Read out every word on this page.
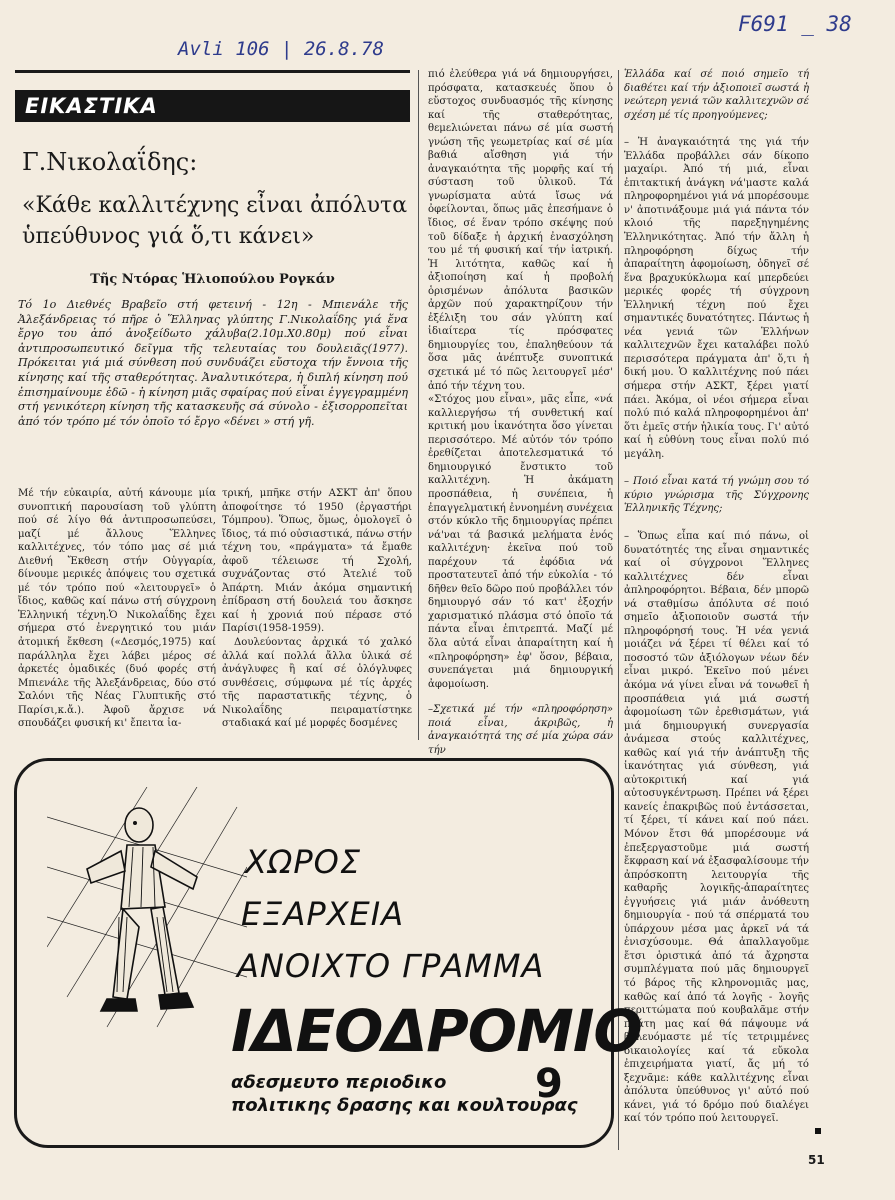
Avli 106 | 26.8.78
F691 _ 38
ΕΙΚΑΣΤΙΚΑ
Γ.Νικολαΐδης:
«Κάθε καλλιτέχνης εἶναι ἀπόλυτα ὑπεύθυνος γιά ὅ,τι κάνει»
Τῆς Ντόρας Ἡλιοπούλου Ρογκάν
Τό 1ο Διεθνές Βραβεῖο στή φετεινή - 12η - Μπιενάλε τῆς Ἀλεξάνδρειας τό πῆρε ὁ Ἕλληνας γλύπτης Γ.Νικολαΐδης γιά ἕνα ἔργο του ἀπό ἀνοξείδωτο χάλυβα(2.10μ.Χ0.80μ) πού εἶναι ἀντιπροσωπευτικό δεῖγμα τῆς τελευταίας του δουλειᾶς(1977). Πρόκειται γιά μιά σύνθεση πού συνδυάζει εὔστοχα τήν ἔννοια τῆς κίνησης καί τῆς σταθερότητας. Ἀναλυτικότερα, ἡ διπλή κίνηση πού ἐπισημαίνουμε ἐδῶ - ἡ κίνηση μιᾶς σφαίρας πού εἶναι ἐγγεγραμμένη στή γενικότερη κίνηση τῆς κατασκευῆς σά σύνολο - ἐξισορροπεῖται ἀπό τόν τρόπο μέ τόν ὁποῖο τό ἔργο «δένει » στή γῆ.

Μέ τήν εὐκαιρία, αὐτή κάνουμε μία συνοπτική παρουσίαση τοῦ γλύπτη πού σέ λίγο θά ἀντιπροσωπεύσει, μαζί μέ ἄλλους Ἕλληνες καλλιτέχνες, τόν τόπο μας σέ μιά Διεθνή Ἔκθεση στήν Οὑγγαρία, δίνουμε μερικές ἀπόψεις του σχετικά μέ τόν τρόπο πού «λειτουργεῖ» ὁ ἴδιος, καθῶς καί πάνω στή σύγχρονη Ἑλληνική τέχνη.Ὁ Νικολαΐδης ἔχει σήμερα στό ἐνεργητικό του μιάν ἀτομική ἔκθεση («Δεσμός,1975) καί παράλληλα ἔχει λάβει μέρος σέ ἀρκετές ὁμαδικές (δυό φορές στή Μπιενάλε τῆς Ἀλεξάνδρειας, δύο στό Σαλόνι τῆς Νέας Γλυπτικῆς στό Παρίσι,κ.ἄ.). Ἀφοῦ ἄρχισε νά σπουδάζει φυσική κι' ἔπειτα ἰα-

τρική, μπῆκε στήν ΑΣΚΤ ἀπ' ὅπου ἀποφοίτησε τό 1950 (ἐργαστήρι Τόμπρου). Ὅπως, ὅμως, ὁμολογεῖ ὁ ἴδιος, τά πιό οὐσιαστικά, πάνω στήν τέχνη του, «πράγματα» τά ἔμαθε ἀφοῦ τέλειωσε τή Σχολή, συχνάζοντας στό Ἀτελιέ τοῦ Ἀπάρτη. Μιάν ἀκόμα σημαντική ἐπίδραση στή δουλειά του ἄσκησε καί ἡ χρονιά πού πέρασε στό Παρίσι(1958-1959).

Δουλεύοντας ἀρχικά τό χαλκό ἀλλά καί πολλά ἄλλα ὑλικά σέ ἀνάγλυφες ἢ καί σέ ὁλόγλυφες συνθέσεις, σύμφωνα μέ τίς ἀρχές τῆς παραστατικῆς τέχνης, ὁ Νικολαΐδης πειραματίστηκε σταδιακά καί μέ μορφές δοσμένες

πιό ἐλεύθερα γιά νά δημιουργήσει, πρόσφατα, κατασκευές ὅπου ὁ εὔστοχος συνδυασμός τῆς κίνησης καί τῆς σταθερότητας, θεμελιώνεται πάνω σέ μία σωστή γνώση τῆς γεωμετρίας καί σέ μία βαθιά αἴσθηση γιά τήν ἀναγκαιότητα τῆς μορφῆς καί τή σύσταση τοῦ ὑλικοῦ. Τά γνωρίσματα αὐτά ἴσως νά ὀφείλονται, ὅπως μᾶς ἐπεσήμανε ὁ ἴδιος, σέ ἕναν τρόπο σκέψης πού τοῦ δίδαξε ἡ ἀρχική ἐνασχόληση του μέ τή φυσική καί τήν ἰατρική. Ἡ λιτότητα, καθῶς καί ἡ ἀξιοποίηση καί ἡ προβολή ὁρισμένων ἀπόλυτα βασικῶν ἀρχῶν πού χαρακτηρίζουν τήν ἐξέλιξη του σάν γλύπτη καί ἰδιαίτερα τίς πρόσφατες δημιουργίες του, ἐπαληθεύουν τά ὅσα μᾶς ἀνέπτυξε συνοπτικά σχετικά μέ τό πῶς λειτουργεῖ μέσ' ἀπό τήν τέχνη του.

«Στόχος μου εἶναι», μᾶς εἶπε, «νά καλλιεργήσω τή συνθετική καί κριτική μου ἱκανότητα ὅσο γίνεται περισσότερο. Μέ αὐτόν τόν τρόπο ἐρεθίζεται ἀποτελεσματικά τό δημιουργικό ἔνστικτο τοῦ καλλιτέχνη. Ἡ ἀκάματη προσπάθεια, ἡ συνέπεια, ἡ ἐπαγγελματική ἐννοημένη συνέχεια στόν κύκλο τῆς δημιουργίας πρέπει νά'ναι τά βασικά μελήματα ἑνός καλλιτέχνη· ἐκεῖνα πού τοῦ παρέχουν τά ἐφόδια νά προστατευτεῖ ἀπό τήν εὐκολία - τό δῆθεν θεῖο δῶρο πού προβάλλει τόν δημιουργό σάν τό κατ' ἐξοχήν χαρισματικό πλάσμα στό ὁποῖο τά πάντα εἶναι ἐπιτρεπτά. Μαζί μέ ὅλα αὐτά εἶναι ἀπαραίτητη καί ἡ «πληροφόρηση» ἐφ' ὅσον, βέβαια, συνεπάγεται μιά δημιουργική ἀφομοίωση.

–Σχετικά μέ τήν «πληροφόρηση» ποιά εἶναι, ἀκριβῶς, ἡ ἀναγκαιότητά της σέ μία χώρα σάν τήν

Ἑλλάδα καί σέ ποιό σημεῖο τή διαθέτει καί τήν ἀξιοποιεῖ σωστά ἡ νεώτερη γενιά τῶν καλλιτεχνῶν σέ σχέση μέ τίς προηγούμενες;

– Ἡ ἀναγκαιότητά της γιά τήν Ἑλλάδα προβάλλει σάν δίκοπο μαχαίρι. Ἀπό τή μιά, εἶναι ἐπιτακτική ἀνάγκη νά'μαστε καλά πληροφορημένοι γιά νά μπορέσουμε ν' ἀποτινάξουμε μιά γιά πάντα τόν κλοιό τῆς παρεξηγημένης Ἑλληνικότητας. Ἀπό τήν ἄλλη ἡ πληροφόρηση δίχως τήν ἀπαραίτητη ἀφομοίωση, ὁδηγεῖ σέ ἕνα βραχυκύκλωμα καί μπερδεύει μερικές φορές τή σύγχρονη Ἑλληνική τέχνη πού ἔχει σημαντικές δυνατότητες. Πάντως ἡ νέα γενιά τῶν Ἑλλήνων καλλιτεχνῶν ἔχει καταλάβει πολύ περισσότερα πράγματα ἀπ' ὅ,τι ἡ δική μου. Ὁ καλλιτέχνης πού πάει σήμερα στήν ΑΣΚΤ, ξέρει γιατί πάει. Ἀκόμα, οἱ νέοι σήμερα εἶναι πολύ πιό καλά πληροφορημένοι ἀπ' ὅτι ἐμεῖς στήν ἡλικία τους. Γι' αὐτό καί ἡ εὐθύνη τους εἶναι πολύ πιό μεγάλη.

– Ποιό εἶναι κατά τή γνώμη σου τό κύριο γνώρισμα τῆς Σύγχρονης Ἑλληνικῆς Τέχνης;

– Ὅπως εἶπα καί πιό πάνω, οἱ δυνατότητές της εἶναι σημαντικές καί οἱ σύγχρονοι Ἕλληνες καλλιτέχνες δέν εἶναι ἀπληροφόρητοι. Βέβαια, δέν μπορῶ νά σταθμίσω ἀπόλυτα σέ ποιό σημεῖο ἀξιοποιοῦν σωστά τήν πληροφόρησή τους. Ἡ νέα γενιά μοιάζει νά ξέρει τί θέλει καί τό ποσοστό τῶν ἀξιόλογων νέων δέν εἶναι μικρό. Ἐκεῖνο πού μένει ἀκόμα νά γίνει εἶναι νά τονωθεῖ ἡ προσπάθεια γιά μιά σωστή ἀφομοίωση τῶν ἐρεθισμάτων, γιά μιά δημιουργική συνεργασία ἀνάμεσα στούς καλλιτέχνες, καθῶς καί γιά τήν ἀνάπτυξη τῆς ἱκανότητας γιά σύνθεση, γιά αὐτοκριτική καί γιά αὐτοσυγκέντρωση. Πρέπει νά ξέρει κανείς ἐπακριβῶς πού ἐντάσσεται, τί ξέρει, τί κάνει καί πού πάει. Μόνον ἔτσι θά μπορέσουμε νά ἐπεξεργαστοῦμε μιά σωστή ἔκφραση καί νά ἐξασφαλίσουμε τήν ἀπρόσκοπτη λειτουργία τῆς καθαρῆς λογικῆς-ἀπαραίτητες ἐγγυήσεις γιά μιάν ἀνόθευτη δημιουργία - πού τά σπέρματά του ὑπάρχουν μέσα μας ἀρκεῖ νά τά ἐνισχύσουμε. Θά ἀπαλλαγοῦμε ἔτσι ὁριστικά ἀπό τά ἄχρηστα συμπλέγματα πού μᾶς δημιουργεῖ τό βάρος τῆς κληρονομιᾶς μας, καθῶς καί ἀπό τά λογῆς - λογῆς περιττώματα πού κουβαλᾶμε στήν πλάτη μας καί θά πάψουμε νά βολευόμαστε μέ τίς τετριμμένες δικαιολογίες καί τά εὔκολα ἐπιχειρήματα γιατί, ἄς μή τό ξεχνᾶμε: κάθε καλλιτέχνης εἶναι ἀπόλυτα ὑπεύθυνος γι' αὐτό πού κάνει, γιά τό δρόμο πού διαλέγει καί τόν τρόπο πού λειτουργεῖ.

ΧΩΡΟΣ
ΕΞΑΡΧΕΙΑ
ΑΝΟΙΧΤΟ ΓΡΑΜΜΑ
ΙΔΕΟΔΡΟΜΙΟ
αδεσμευτο περιοδικο
πολιτικης δρασης και κουλτουρας
9
51
